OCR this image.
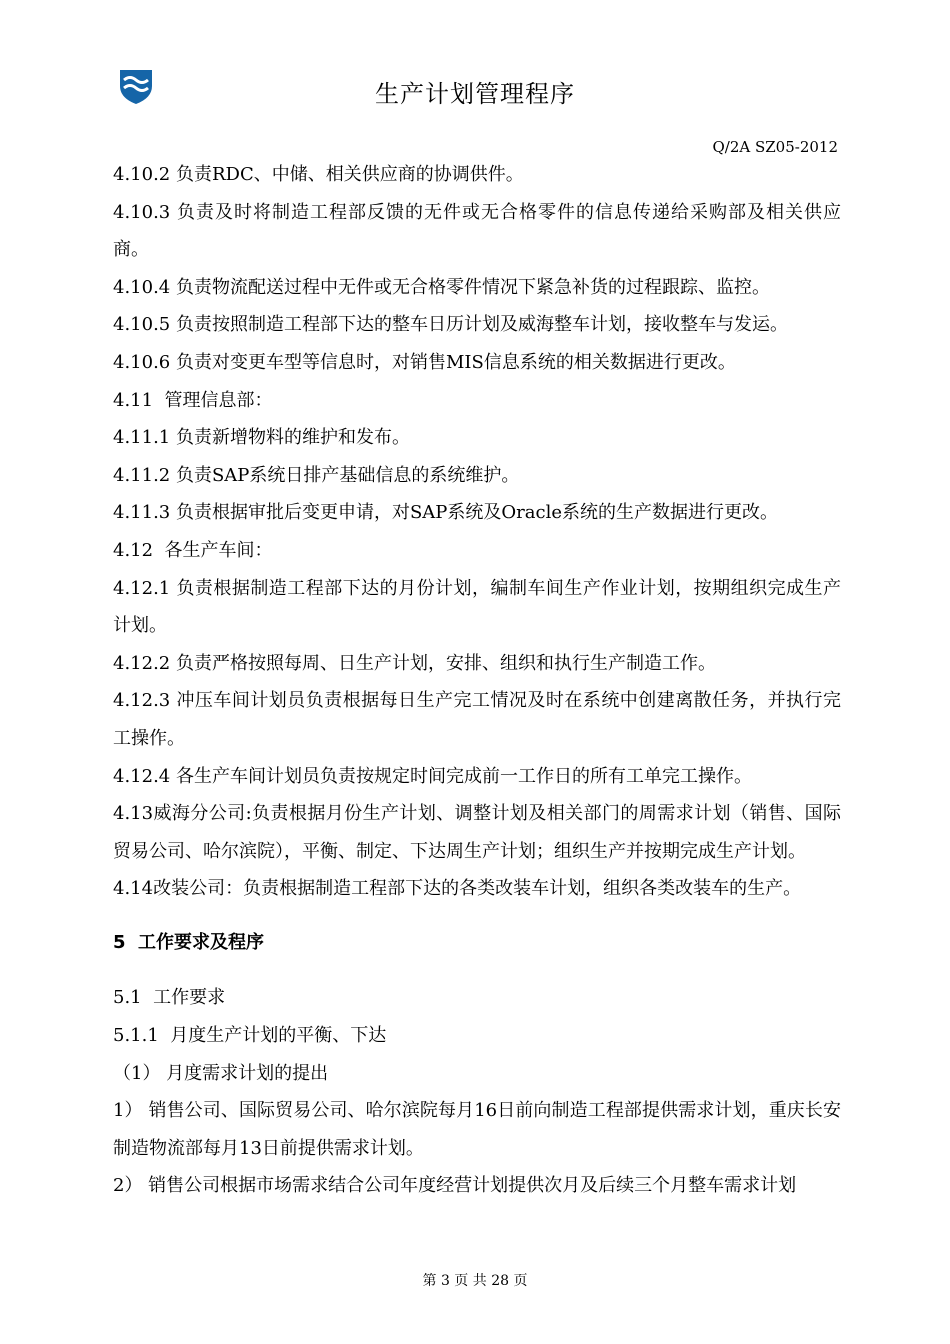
生产计划管理程序
Q/2A SZ05-2012

4.10.2 负责RDC、中储、相关供应商的协调供件。

4.10.3 负责及时将制造工程部反馈的无件或无合格零件的信息传递给采购部及相关供应商。

4.10.4 负责物流配送过程中无件或无合格零件情况下紧急补货的过程跟踪、监控。

4.10.5 负责按照制造工程部下达的整车日历计划及威海整车计划，接收整车与发运。

4.10.6 负责对变更车型等信息时，对销售MIS信息系统的相关数据进行更改。

4.11  管理信息部：

4.11.1 负责新增物料的维护和发布。

4.11.2 负责SAP系统日排产基础信息的系统维护。

4.11.3 负责根据审批后变更申请，对SAP系统及Oracle系统的生产数据进行更改。

4.12  各生产车间：

4.12.1 负责根据制造工程部下达的月份计划，编制车间生产作业计划，按期组织完成生产计划。

4.12.2 负责严格按照每周、日生产计划，安排、组织和执行生产制造工作。

4.12.3 冲压车间计划员负责根据每日生产完工情况及时在系统中创建离散任务，并执行完工操作。

4.12.4 各生产车间计划员负责按规定时间完成前一工作日的所有工单完工操作。

4.13威海分公司:负责根据月份生产计划、调整计划及相关部门的周需求计划（销售、国际贸易公司、哈尔滨院），平衡、制定、下达周生产计划；组织生产并按期完成生产计划。

4.14改装公司：负责根据制造工程部下达的各类改装车计划，组织各类改装车的生产。

5  工作要求及程序

5.1  工作要求

5.1.1  月度生产计划的平衡、下达

（1） 月度需求计划的提出

1） 销售公司、国际贸易公司、哈尔滨院每月16日前向制造工程部提供需求计划，重庆长安制造物流部每月13日前提供需求计划。

2） 销售公司根据市场需求结合公司年度经营计划提供次月及后续三个月整车需求计划

第 3 页 共 28 页
